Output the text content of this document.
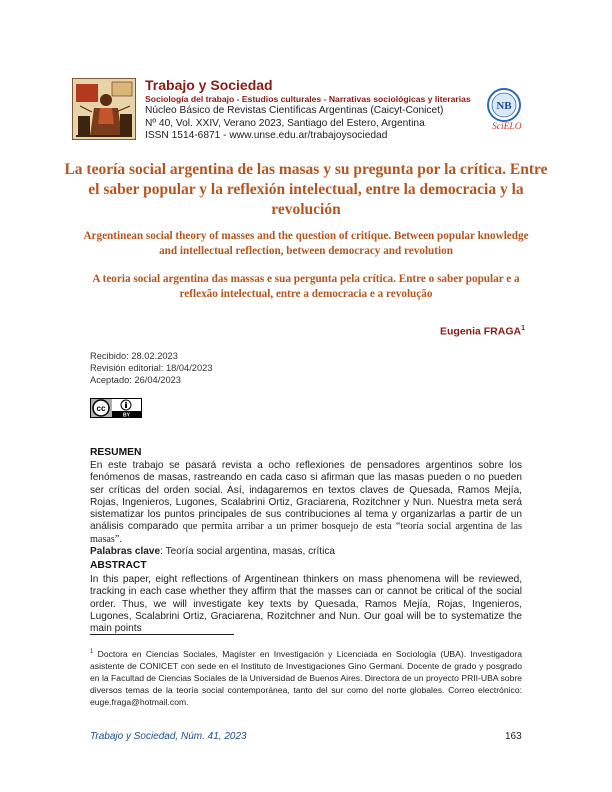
Trabajo y Sociedad
Sociología del trabajo - Estudios culturales - Narrativas sociológicas y literarias
Núcleo Básico de Revistas Científicas Argentinas (Caicyt-Conicet)
Nº 40, Vol. XXIV, Verano 2023, Santiago del Estero, Argentina
ISSN 1514-6871 - www.unse.edu.ar/trabajoysociedad
NB
SciELO
La teoría social argentina de las masas y su pregunta por la crítica. Entre el saber popular y la reflexión intelectual, entre la democracia y la revolución
Argentinean social theory of masses and the question of critique. Between popular knowledge and intellectual reflection, between democracy and revolution
A teoria social argentina das massas e sua pergunta pela crítica. Entre o saber popular e a reflexão intelectual, entre a democracia e a revolução
Eugenia FRAGA$^1$
Recibido: 28.02.2023
Revisión editorial: 18/04/2023
Aceptado: 26/04/2023
cc
BY
RESUMEN
En este trabajo se pasará revista a ocho reflexiones de pensadores argentinos sobre los fenómenos de masas, rastreando en cada caso si afirman que las masas pueden o no pueden ser críticas del orden social. Así, indagaremos en textos claves de Quesada, Ramos Mejía, Rojas, Ingenieros, Lugones, Scalabrini Ortiz, Graciarena, Rozitchner y Nun. Nuestra meta será sistematizar los puntos principales de sus contribuciones al tema y organizarlas a partir de un análisis comparado que permita arribar a un primer bosquejo de esta “teoría social argentina de las masas”.
Palabras clave: Teoría social argentina, masas, crítica
ABSTRACT
In this paper, eight reflections of Argentinean thinkers on mass phenomena will be reviewed, tracking in each case whether they affirm that the masses can or cannot be critical of the social order. Thus, we will investigate key texts by Quesada, Ramos Mejía, Rojas, Ingenieros, Lugones, Scalabrini Ortiz, Graciarena, Rozitchner and Nun. Our goal will be to systematize the main points
$^1$ Doctora en Ciencias Sociales, Magíster en Investigación y Licenciada en Sociología (UBA). Investigadora asistente de CONICET con sede en el Instituto de Investigaciones Gino Germani. Docente de grado y posgrado en la Facultad de Ciencias Sociales de la Universidad de Buenos Aires. Directora de un proyecto PRII-UBA sobre diversos temas de la teoría social contemporánea, tanto del sur como del norte globales. Correo electrónico: euge.fraga@hotmail.com.
Trabajo y Sociedad, Núm. 41, 2023	163
